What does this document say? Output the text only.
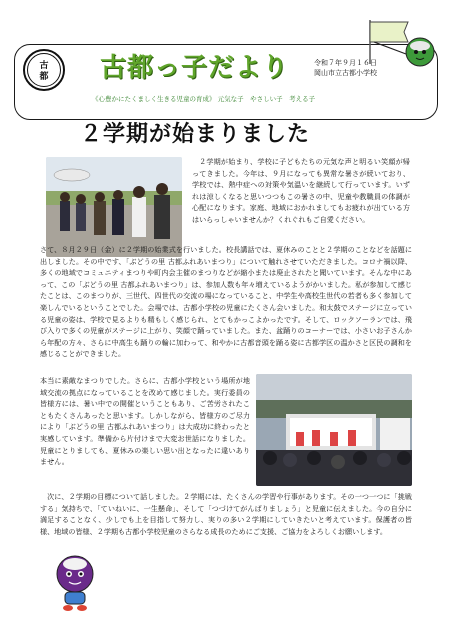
古
都 古都っ子だより	令和７年９月１６日
岡山市立古都小学校
《心豊かにたくましく生きる児童の育成》 元気な子　やさしい子　考える子
２学期が始まりました
２学期が始まり、学校に子どもたちの元気な声と明るい笑顔が帰ってきました。今年は、９月になっても異常な暑さが続いており、学校では、熱中症への対策や気温いを継続して行っています。いずれは涼しくなると思いつつもこの暑さの中、児童や教職員の体調が心配になります。家庭、地域におかれましてもお疲れが出ている方はいらっしゃいませんか？くれぐれもご自愛ください。
さて、８月２９日（金）に２学期の始業式を行いました。校長講話では、夏休みのことと２学期のことなどを話題に出しました。その中です、「ぶどうの里 古都ふれあいまつり」について触れさせていただきました。コロナ禍以降、多くの地域でコミュニティまつりや町内会主催のまつりなどが縮小または廃止されたと聞いています。そんな中にあって、この「ぶどうの里 古都ふれあいまつり」は、参加人数も年々増えているようがかいました。私が参加して感じたことは、このまつりが、三世代、四世代の交流の場になっていること、中学生や高校生世代の若者も多く参加して楽しんでいるということでした。会場では、古都小学校の児童にたくさん会いました。和太鼓でステージに立っている児童の姿は、学校で見るよりも精もしく感じられ、とてもかっこよかったです。そして、ロックソーランでは、飛び入りで多くの児童がステージに上がり、笑顔で踊っていました。また、盆踊りのコーナーでは、小さいお子さんから年配の方々、さらに中高生も踊りの輪に加わって、和やかに古都音頭を踊る姿に古都学区の温かさと区民の調和を感じることができました。
本当に素敵なまつりでした。さらに、古都小学校という場所が地域交流の拠点になっていることを改めて感じました。実行委員の皆様方には、暑い中での開催ということもあり、ご苦労されたこともたくさんあったと思います。しかしながら、皆様方のご尽力により「ぶどうの里 古都ふれあいまつり」は大成功に終わったと実感しています。準備から片付けまで大変お世話になりました。児童にとりましても、夏休みの楽しい思い出となったに違いありません。
次に、２学期の目標について話しました。２学期には、たくさんの学習や行事があります。その一つ一つに「挑戦する」気持ちで、「ていねいに、一生懸命」、そして「つづけてがんばりましょう」と児童に伝えました。今の自分に満足することなく、少しでも上を目指して努力し、実りの多い２学期にしていきたいと考えています。保護者の皆様、地域の皆様、２学期も古都小学校児童のさらなる成長のためにご支援、ご協力をよろしくお願いします。
